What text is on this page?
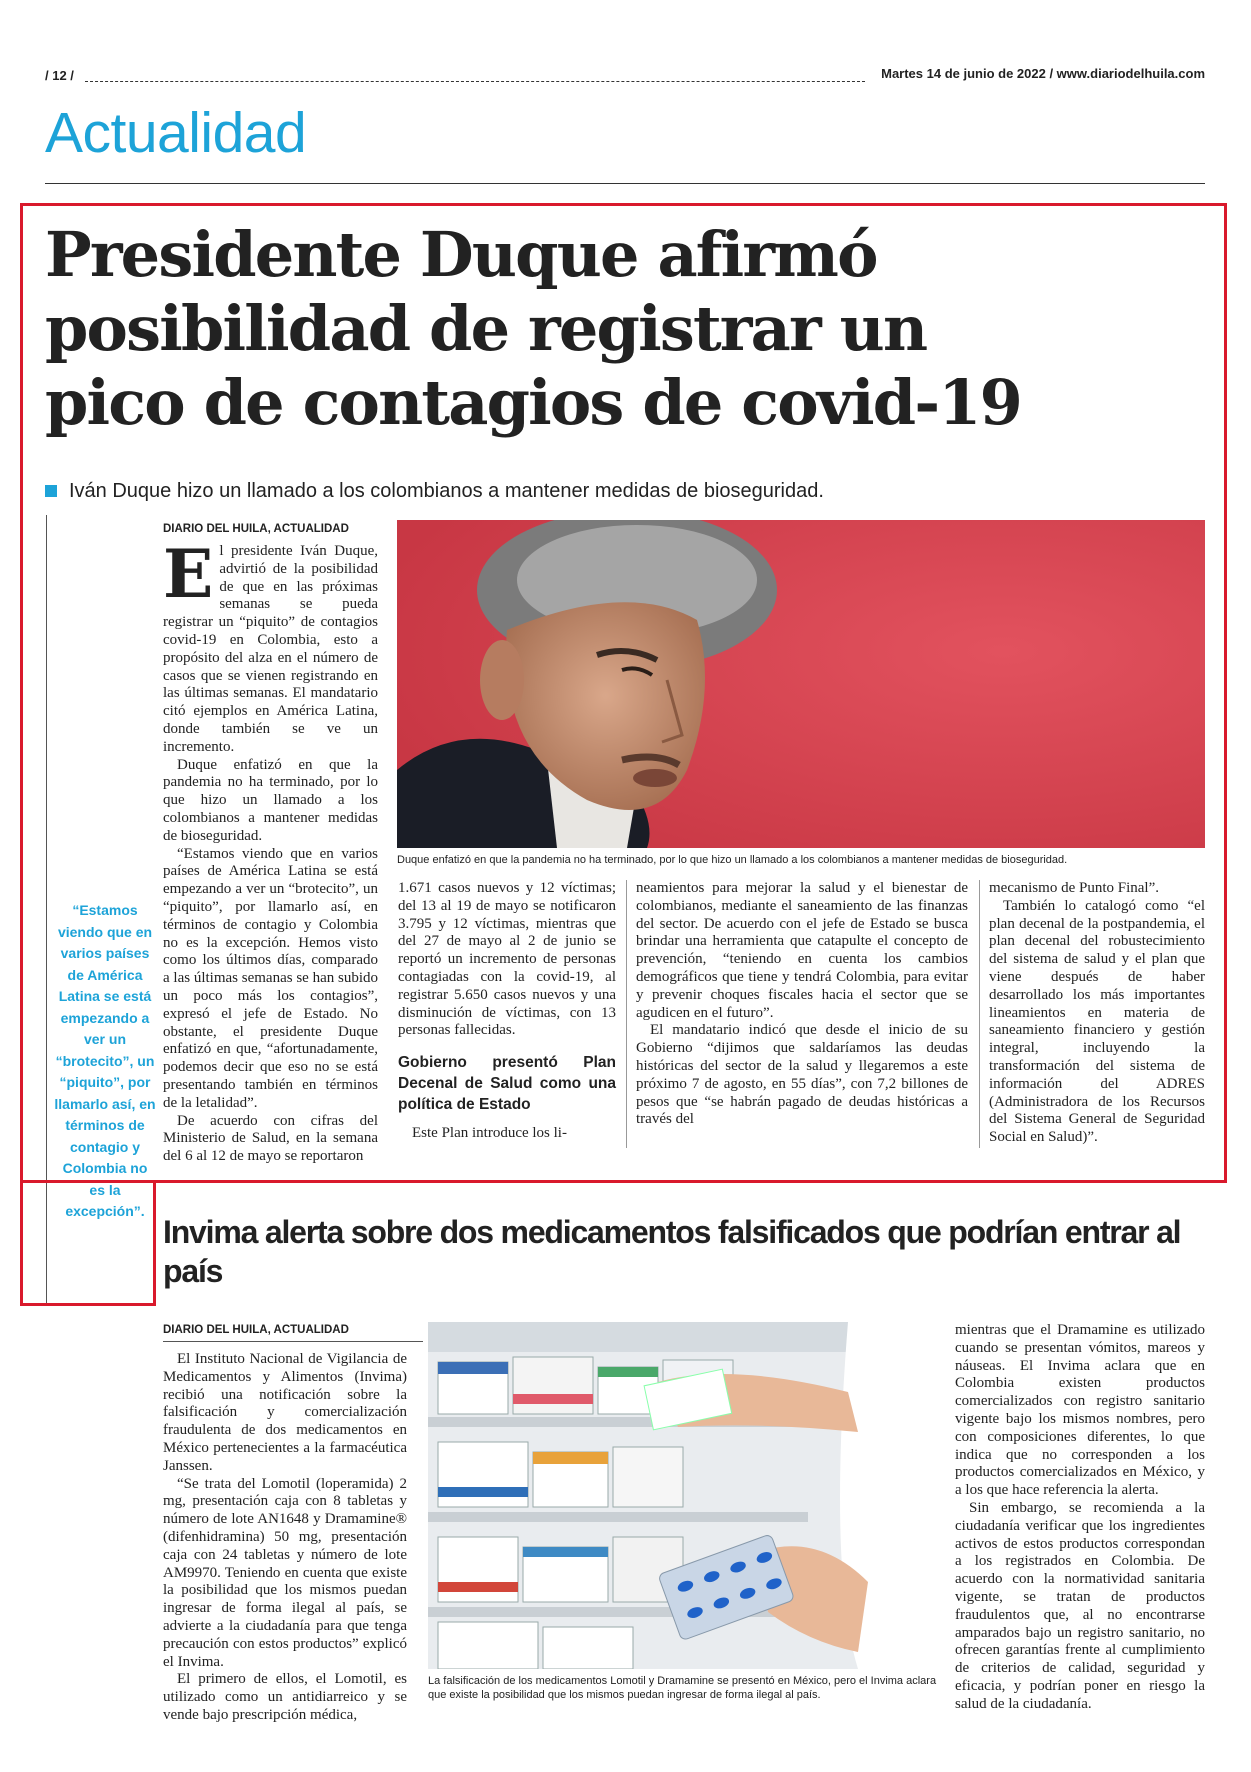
/ 12 /	Martes 14 de junio de 2022 / www.diariodelhuila.com
Actualidad
Presidente Duque afirmó
posibilidad de registrar un
pico de contagios de covid-19
Iván Duque hizo un llamado a los colombianos a mantener medidas de bioseguridad.
“Estamos viendo que en varios países de América Latina se está empezando a ver un “brotecito”, un “piquito”, por llamarlo así, en términos de contagio y Colombia no es la excepción”.
DIARIO DEL HUILA, ACTUALIDAD

El presidente Iván Duque, advirtió de la posibilidad de que en las próximas semanas se pueda registrar un “piquito” de contagios covid-19 en Colombia, esto a propósito del alza en el número de casos que se vienen registrando en las últimas semanas. El mandatario citó ejemplos en América Latina, donde también se ve un incremento.

Duque enfatizó en que la pandemia no ha terminado, por lo que hizo un llamado a los colombianos a mantener medidas de bioseguridad.

“Estamos viendo que en varios países de América Latina se está empezando a ver un “brotecito”, un “piquito”, por llamarlo así, en términos de contagio y Colombia no es la excepción. Hemos visto como los últimos días, comparado a las últimas semanas se han subido un poco más los contagios”, expresó el jefe de Estado. No obstante, el presidente Duque enfatizó en que, “afortunadamente, podemos decir que eso no se está presentando también en términos de la letalidad”.

De acuerdo con cifras del Ministerio de Salud, en la semana del 6 al 12 de mayo se reportaron

Duque enfatizó en que la pandemia no ha terminado, por lo que hizo un llamado a los colombianos a mantener medidas de bioseguridad.

1.671 casos nuevos y 12 víctimas; del 13 al 19 de mayo se notificaron 3.795 y 12 víctimas, mientras que del 27 de mayo al 2 de junio se reportó un incremento de personas contagiadas con la covid-19, al registrar 5.650 casos nuevos y una disminución de víctimas, con 13 personas fallecidas.

Gobierno presentó Plan Decenal de Salud como una política de Estado

Este Plan introduce los li-

neamientos para mejorar la salud y el bienestar de colombianos, mediante el saneamiento de las finanzas del sector. De acuerdo con el jefe de Estado se busca brindar una herramienta que catapulte el concepto de prevención, “teniendo en cuenta los cambios demográficos que tiene y tendrá Colombia, para evitar y prevenir choques fiscales hacia el sector que se agudicen en el futuro”.

El mandatario indicó que desde el inicio de su Gobierno “dijimos que saldaríamos las deudas históricas del sector de la salud y llegaremos a este próximo 7 de agosto, en 55 días”, con 7,2 billones de pesos que “se habrán pagado de deudas históricas a través del

mecanismo de Punto Final”.

También lo catalogó como “el plan decenal de la postpandemia, el plan decenal del robustecimiento del sistema de salud y el plan que viene después de haber desarrollado los más importantes lineamientos en materia de saneamiento financiero y gestión integral, incluyendo la transformación del sistema de información del ADRES (Administradora de los Recursos del Sistema General de Seguridad Social en Salud)”.

Invima alerta sobre dos medicamentos falsificados que podrían entrar al país
DIARIO DEL HUILA, ACTUALIDAD

El Instituto Nacional de Vigilancia de Medicamentos y Alimentos (Invima) recibió una notificación sobre la falsificación y comercialización fraudulenta de dos medicamentos en México pertenecientes a la farmacéutica Janssen.

“Se trata del Lomotil (loperamida) 2 mg, presentación caja con 8 tabletas y número de lote AN1648 y Dramamine® (difenhidramina) 50 mg, presentación caja con 24 tabletas y número de lote AM9970. Teniendo en cuenta que existe la posibilidad que los mismos puedan ingresar de forma ilegal al país, se advierte a la ciudadanía para que tenga precaución con estos productos” explicó el Invima.

El primero de ellos, el Lomotil, es utilizado como un antidiarreico y se vende bajo prescripción médica,

La falsificación de los medicamentos Lomotil y Dramamine se presentó en México, pero el Invima aclara que existe la posibilidad que los mismos puedan ingresar de forma ilegal al país.

mientras que el Dramamine es utilizado cuando se presentan vómitos, mareos y náuseas. El Invima aclara que en Colombia existen productos comercializados con registro sanitario vigente bajo los mismos nombres, pero con composiciones diferentes, lo que indica que no corresponden a los productos comercializados en México, y a los que hace referencia la alerta.

Sin embargo, se recomienda a la ciudadanía verificar que los ingredientes activos de estos productos correspondan a los registrados en Colombia. De acuerdo con la normatividad sanitaria vigente, se tratan de productos fraudulentos que, al no encontrarse amparados bajo un registro sanitario, no ofrecen garantías frente al cumplimiento de criterios de calidad, seguridad y eficacia, y podrían poner en riesgo la salud de la ciudadanía.
